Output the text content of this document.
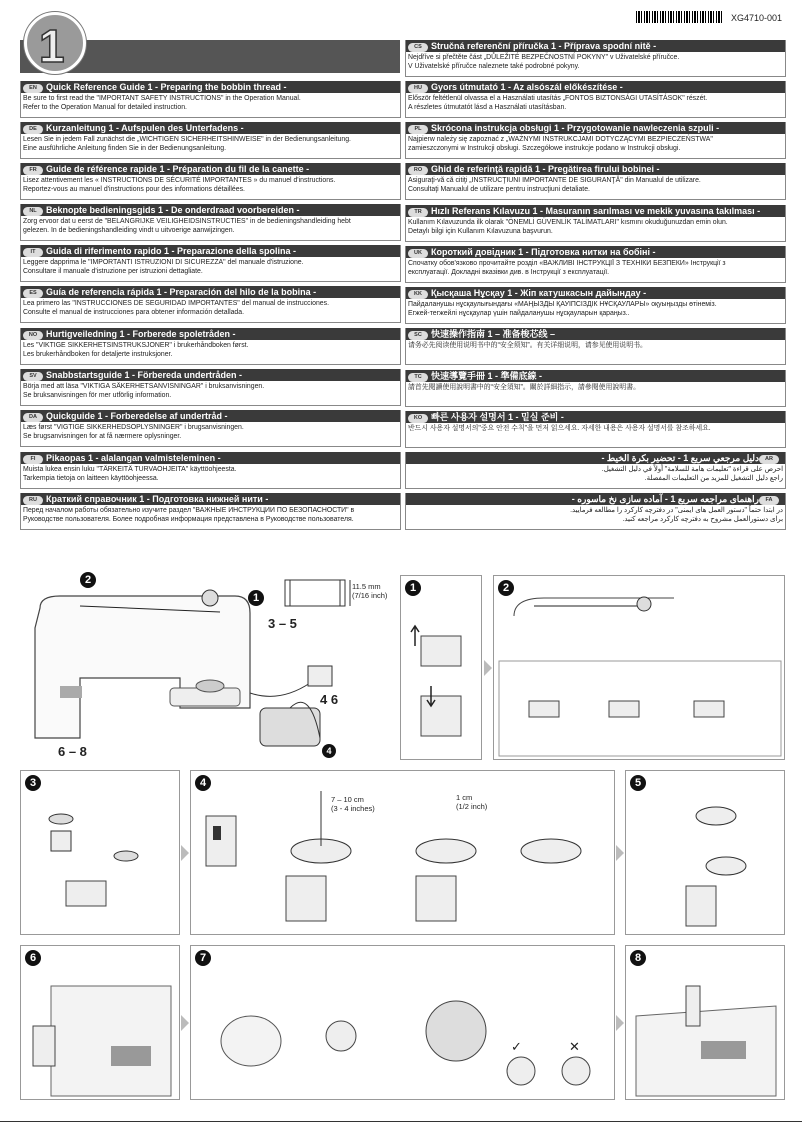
1
XG4710-001
EN Quick Reference Guide 1 - Preparing the bobbin thread -
Be sure to first read the "IMPORTANT SAFETY INSTRUCTIONS" in the Operation Manual.
Refer to the Operation Manual for detailed instruction.
DE Kurzanleitung 1 - Aufspulen des Unterfadens -
Lesen Sie in jedem Fall zunächst die „WICHTIGEN SICHERHEITSHINWEISE" in der Bedienungsanleitung.
Eine ausführliche Anleitung finden Sie in der Bedienungsanleitung.
FR Guide de référence rapide 1 - Préparation du fil de la canette -
Lisez attentivement les « INSTRUCTIONS DE SÉCURITÉ IMPORTANTES » du manuel d'instructions.
Reportez-vous au manuel d'instructions pour des informations détaillées.
NL Beknopte bedieningsgids 1 - De onderdraad voorbereiden -
Zorg ervoor dat u eerst de "BELANGRIJKE VEILIGHEIDSINSTRUCTIES" in de bedieningshandleiding hebt
gelezen. In de bedieningshandleiding vindt u uitvoerige aanwijzingen.
IT Guida di riferimento rapido 1 - Preparazione della spolina -
Leggere dapprima le "IMPORTANTI ISTRUZIONI DI SICUREZZA" del manuale d'istruzione.
Consultare il manuale d'istruzione per istruzioni dettagliate.
ES Guía de referencia rápida 1 - Preparación del hilo de la bobina -
Lea primero las "INSTRUCCIONES DE SEGURIDAD IMPORTANTES" del manual de instrucciones.
Consulte el manual de instrucciones para obtener información detallada.
NO Hurtigveiledning 1 - Forberede spoletråden -
Les "VIKTIGE SIKKERHETSINSTRUKSJONER" i brukerhåndboken først.
Les brukerhåndboken for detaljerte instruksjoner.
SV Snabbstartsguide 1 - Förbereda undertråden -
Börja med att läsa "VIKTIGA SÄKERHETSANVISNINGAR" i bruksanvisningen.
Se bruksanvisningen för mer utförlig information.
DA Quickguide 1 - Forberedelse af undertråd -
Læs først "VIGTIGE SIKKERHEDSOPLYSNINGER" i brugsanvisningen.
Se brugsanvisningen for at få nærmere oplysninger.
FI Pikaopas 1 - alalangan valmisteleminen -
Muista lukea ensin luku "TÄRKEITÄ TURVAOHJEITA" käyttöohjeesta.
Tarkempia tietoja on laitteen käyttöohjeessa.
RU Краткий справочник 1 - Подготовка нижней нити -
Перед началом работы обязательно изучите раздел "ВАЖНЫЕ ИНСТРУКЦИИ ПО БЕЗОПАСНОСТИ" в
Руководстве пользователя. Более подробная информация представлена в Руководстве пользователя.
CS Stručná referenční příručka 1 - Příprava spodní nitě -
Nejdříve si přečtěte část „DŮLEŽITÉ BEZPEČNOSTNÍ POKYNY" v Uživatelské příručce.
V Uživatelské příručce naleznete také podrobné pokyny.
HU Gyors útmutató 1 - Az alsószál előkészítése -
Először feltétlenül olvassa el a Használati utasítás „FONTOS BIZTONSÁGI UTASÍTÁSOK" részét.
A részletes útmutatót lásd a Használati utasításban.
PL Skrócona instrukcja obsługi 1 - Przygotowanie nawleczenia szpuli -
Najpierw należy się zapoznać z „WAŻNYMI INSTRUKCJAMI DOTYCZĄCYMI BEZPIECZEŃSTWA"
zamieszczonymi w Instrukcji obsługi. Szczegółowe instrukcje podano w Instrukcji obsługi.
RO Ghid de referinţă rapidă 1 - Pregătirea firului bobinei -
Asiguraţi-vă că citiţi „INSTRUCŢIUNI IMPORTANTE DE SIGURANŢĂ" din Manualul de utilizare.
Consultaţi Manualul de utilizare pentru instrucţiuni detaliate.
TR Hızlı Referans Kılavuzu 1 - Masuranın sarılması ve mekik yuvasına takılması -
Kullanım Kılavuzunda ilk olarak "ÖNEMLİ GÜVENLİK TALİMATLARI" kısmını okuduğunuzdan emin olun.
Detaylı bilgi için Kullanım Kılavuzuna başvurun.
UK Короткий довідник 1 - Підготовка нитки на бобіні -
Спочатку обов'язково прочитайте розділ «ВАЖЛИВІ ІНСТРУКЦІЇ З ТЕХНІКИ БЕЗПЕКИ» Інструкції з
експлуатації. Докладні вказівки див. в Інструкції з експлуатації.
KK Қысқаша Нұсқау 1 - Жіп катушкасын дайындау -
Пайдаланушы нұсқаулығындағы «МАҢЫЗДЫ ҚАУІПСІЗДІК НҰСҚАУЛАРЫ» оқуыңызды өтінеміз.
Егжей-тегжейлі нұсқаулар үшін пайдаланушы нұсқауларын қараңыз..
SC 快速操作指南 1 – 准备梭芯线 –
请务必先阅读使用说明书中的“安全须知”。有关详细说明，请参见使用说明书。
TC 快速導覽手冊 1 - 準備底線 -
請首先閱讀使用說明書中的“安全須知”。關於詳細指示，請參閱使用說明書。
KO 빠른 사용자 설명서 1 - 밑실 준비 -
반드시 사용자 설명서의"중요 안전 수칙"을 먼저 읽으세요. 자세한 내용은 사용자 설명서를 참조하세요.
ARدليل مرجعي سريع 1 - تحضير بكرة الخيط -
احرص على قراءة "تعليمات هامة للسلامة" أولاً في دليل التشغيل.
راجع دليل التشغيل للمزيد من التعليمات المفصلة.
FAراهنمای مراجعه سریع 1 - آماده سازی نخ ماسوره -
در ابتدا حتماً "دستور العمل های ایمنی" در دفترچه کارکرد را مطالعه فرمایید.
برای دستورالعمل مشروح به دفترچه کارکرد مراجعه کنید.
1
2
3 – 5
4 6
6 – 8	4
11.5 mm
(7/16 inch)
1	2
3	4
7 – 10 cm
(3 - 4 inches)
1 cm
(1/2 inch)
5
6	7
✓	✕
8
